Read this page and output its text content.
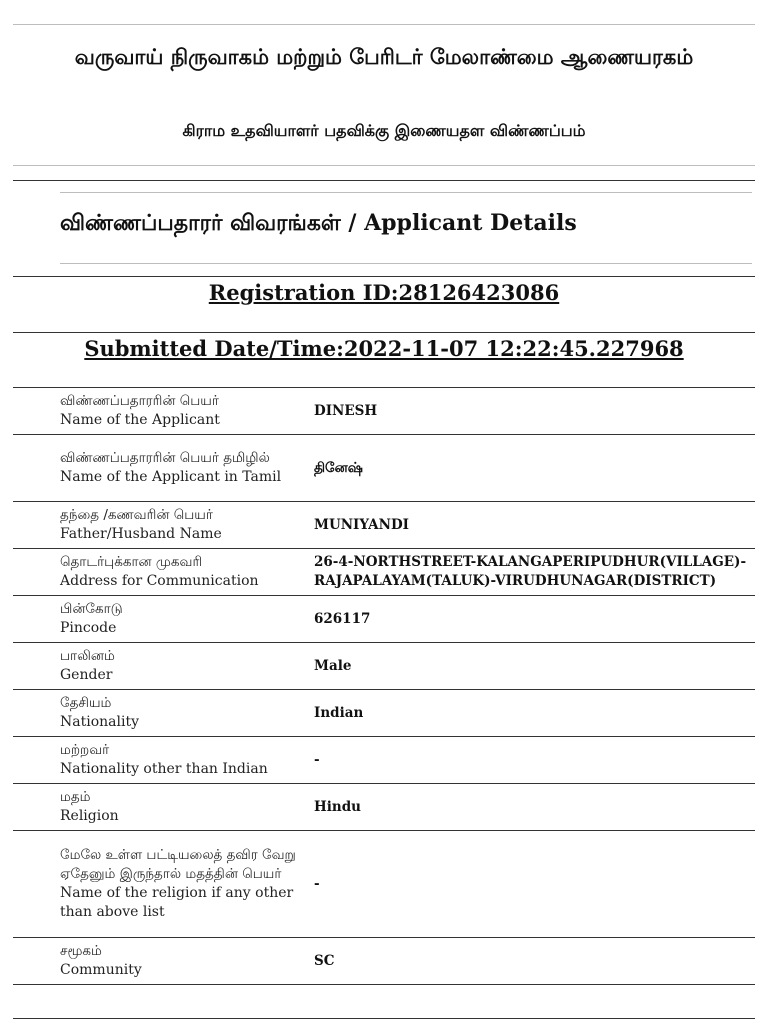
வருவாய் நிருவாகம் மற்றும் பேரிடர் மேலாண்மை ஆணையரகம்
கிராம உதவியாளர் பதவிக்கு இணையதள விண்ணப்பம்
விண்ணப்பதாரர் விவரங்கள் / Applicant Details
Registration ID:28126423086
Submitted Date/Time:2022-11-07 12:22:45.227968
விண்ணப்பதாரரின் பெயர்
Name of the Applicant	DINESH

விண்ணப்பதாரரின் பெயர் தமிழில்
Name of the Applicant in Tamil	தினேஷ்

தந்தை /கணவரின் பெயர்
Father/Husband Name	MUNIYANDI

தொடர்புக்கான முகவரி
Address for Communication	26-4-NORTHSTREET-KALANGAPERIPUDHUR(VILLAGE)-RAJAPALAYAM(TALUK)-VIRUDHUNAGAR(DISTRICT)

பின்கோடு
Pincode	626117

பாலினம்
Gender	Male

தேசியம்
Nationality	Indian

மற்றவர்
Nationality other than Indian	-

மதம்
Religion	Hindu

மேலே உள்ள பட்டியலைத் தவிர வேறு ஏதேனும் இருந்தால் மதத்தின் பெயர்
Name of the religion if any other than above list	-

சமூகம்
Community	SC
